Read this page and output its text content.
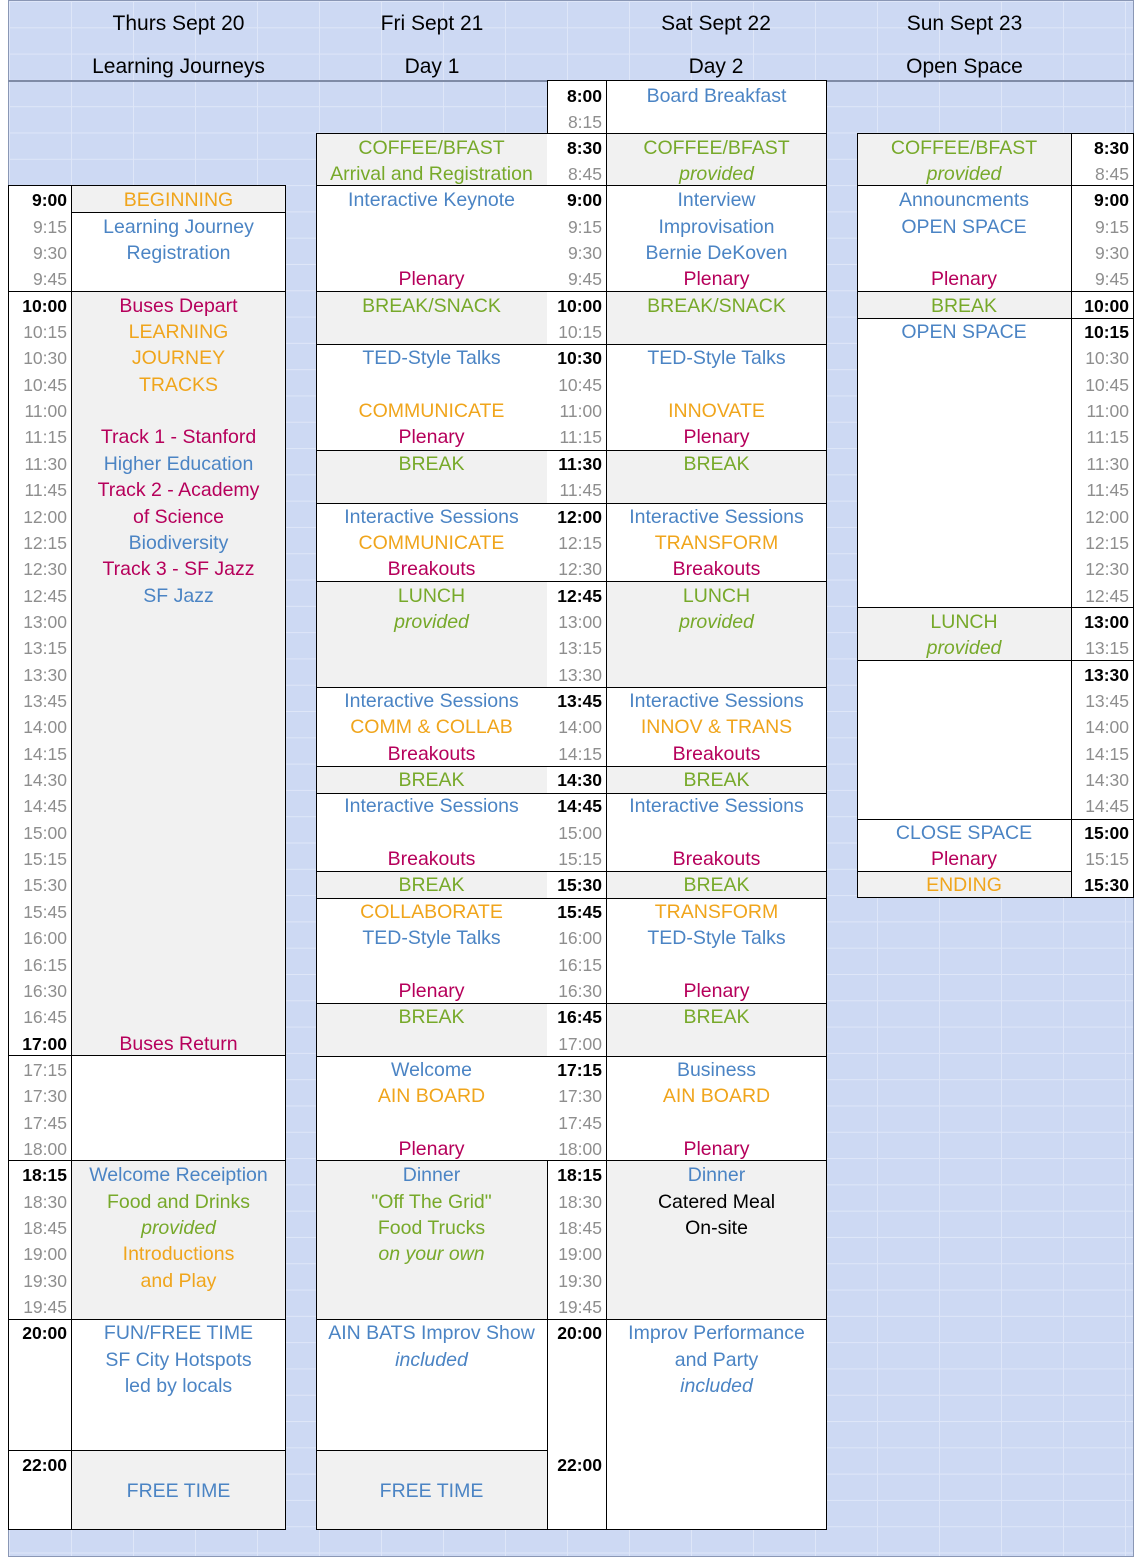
Thurs Sept 20
Learning Journeys
Fri Sept 21
Day 1
Sat Sept 22
Day 2
Sun Sept 23
Open Space
9:00
9:15
9:30
9:45
10:00
10:15
10:30
10:45
11:00
11:15
11:30
11:45
12:00
12:15
12:30
12:45
13:00
13:15
13:30
13:45
14:00
14:15
14:30
14:45
15:00
15:15
15:30
15:45
16:00
16:15
16:30
16:45
17:00
17:15
17:30
17:45
18:00
18:15
18:30
18:45
19:00
19:30
19:45
20:00
22:00
BEGINNING
Learning Journey
Registration
Buses Depart
LEARNING
JOURNEY
TRACKS
Track 1 - Stanford
Higher Education
Track 2 - Academy
of Science
Biodiversity
Track 3 - SF Jazz
SF Jazz
Buses Return
Welcome Receiption
Food and Drinks
provided
Introductions
and Play
FUN/FREE TIME
SF City Hotspots
led by locals
FREE TIME
8:00
8:15
8:30
8:45
9:00
9:15
9:30
9:45
10:00
10:15
10:30
10:45
11:00
11:15
11:30
11:45
12:00
12:15
12:30
12:45
13:00
13:15
13:30
13:45
14:00
14:15
14:30
14:45
15:00
15:15
15:30
15:45
16:00
16:15
16:30
16:45
17:00
17:15
17:30
17:45
18:00
18:15
18:30
18:45
19:00
19:30
19:45
20:00
22:00
COFFEE/BFAST
Arrival and Registration
Interactive Keynote
Plenary
BREAK/SNACK
TED-Style Talks
COMMUNICATE
Plenary
BREAK
Interactive Sessions
COMMUNICATE
Breakouts
LUNCH
provided
Interactive Sessions
COMM & COLLAB
Breakouts
BREAK
Interactive Sessions
Breakouts
BREAK
COLLABORATE
TED-Style Talks
Plenary
BREAK
Welcome
AIN BOARD
Plenary
Dinner
"Off The Grid"
Food Trucks
on your own
AIN BATS Improv Show
included
FREE TIME
Board Breakfast
COFFEE/BFAST
provided
Interview
Improvisation
Bernie DeKoven
Plenary
BREAK/SNACK
TED-Style Talks
INNOVATE
Plenary
BREAK
Interactive Sessions
TRANSFORM
Breakouts
LUNCH
provided
Interactive Sessions
INNOV & TRANS
Breakouts
BREAK
Interactive Sessions
Breakouts
BREAK
TRANSFORM
TED-Style Talks
Plenary
BREAK
Business
AIN BOARD
Plenary
Dinner
Catered Meal
On-site
Improv Performance
and Party
included
8:30
8:45
9:00
9:15
9:30
9:45
10:00
10:15
10:30
10:45
11:00
11:15
11:30
11:45
12:00
12:15
12:30
12:45
13:00
13:15
13:30
13:45
14:00
14:15
14:30
14:45
15:00
15:15
15:30
COFFEE/BFAST
provided
Announcments
OPEN SPACE
Plenary
BREAK
OPEN SPACE
LUNCH
provided
CLOSE SPACE
Plenary
ENDING
